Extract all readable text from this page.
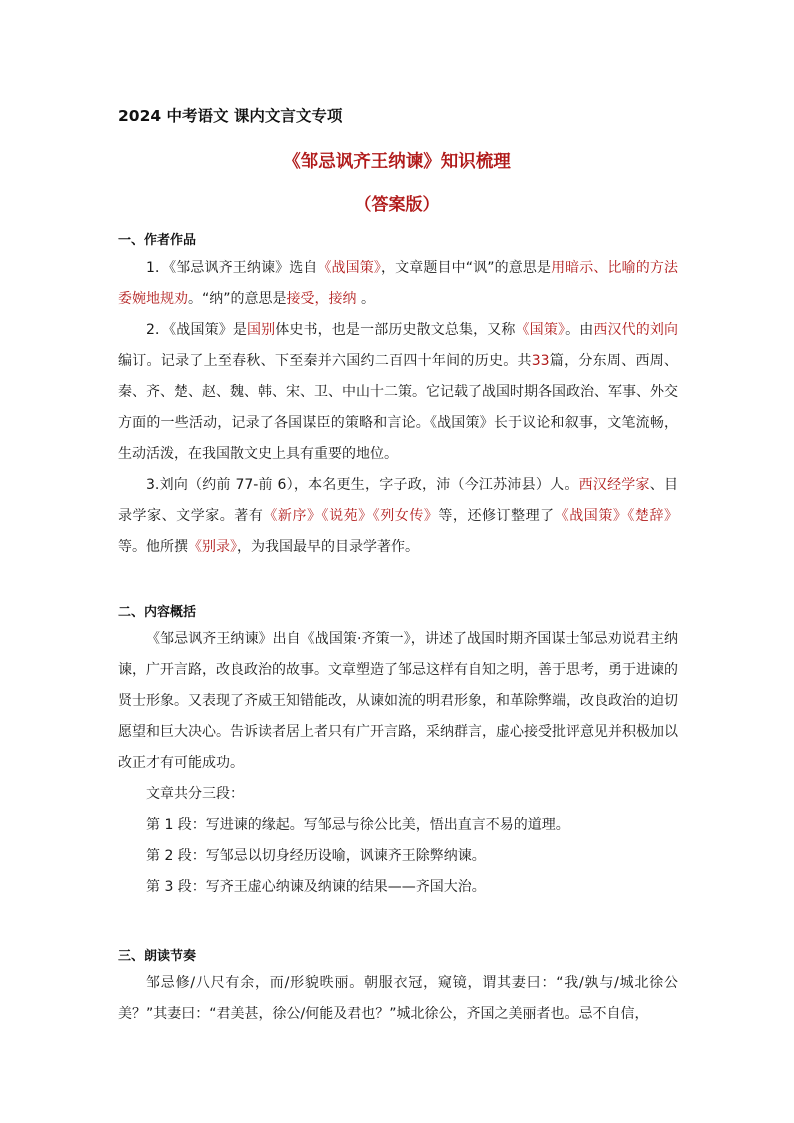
2024 中考语文 课内文言文专项
《邹忌讽齐王纳谏》知识梳理
（答案版）
一、作者作品
1．《邹忌讽齐王纳谏》选自《战国策》，文章题目中“讽”的意思是用暗示、比喻的方法委婉地规劝。“纳”的意思是接受，接纳 。
2．《战国策》是国别体史书，也是一部历史散文总集，又称《国策》。由西汉代的刘向编订。记录了上至春秋、下至秦并六国约二百四十年间的历史。共33篇，分东周、西周、秦、齐、楚、赵、魏、韩、宋、卫、中山十二策。它记载了战国时期各国政治、军事、外交方面的一些活动，记录了各国谋臣的策略和言论。《战国策》长于议论和叙事，文笔流畅，生动活泼，在我国散文史上具有重要的地位。
3.刘向（约前 77-前 6），本名更生，字子政，沛（今江苏沛县）人。西汉经学家、目录学家、文学家。著有《新序》《说苑》《列女传》等，还修订整理了《战国策》《楚辞》等。他所撰《别录》，为我国最早的目录学著作。
二、内容概括
《邹忌讽齐王纳谏》出自《战国策·齐策一》，讲述了战国时期齐国谋士邹忌劝说君主纳谏，广开言路，改良政治的故事。文章塑造了邹忌这样有自知之明，善于思考，勇于进谏的贤士形象。又表现了齐威王知错能改，从谏如流的明君形象，和革除弊端，改良政治的迫切愿望和巨大决心。告诉读者居上者只有广开言路，采纳群言，虚心接受批评意见并积极加以改正才有可能成功。
文章共分三段：
第 1 段：写进谏的缘起。写邹忌与徐公比美，悟出直言不易的道理。
第 2 段：写邹忌以切身经历设喻，讽谏齐王除弊纳谏。
第 3 段：写齐王虚心纳谏及纳谏的结果——齐国大治。
三、朗读节奏
邹忌修/八尺有余，而/形貌昳丽。朝服衣冠，窥镜，谓其妻曰：“我/孰与/城北徐公美？”其妻曰：“君美甚，徐公/何能及君也？”城北徐公，齐国之美丽者也。忌不自信，
